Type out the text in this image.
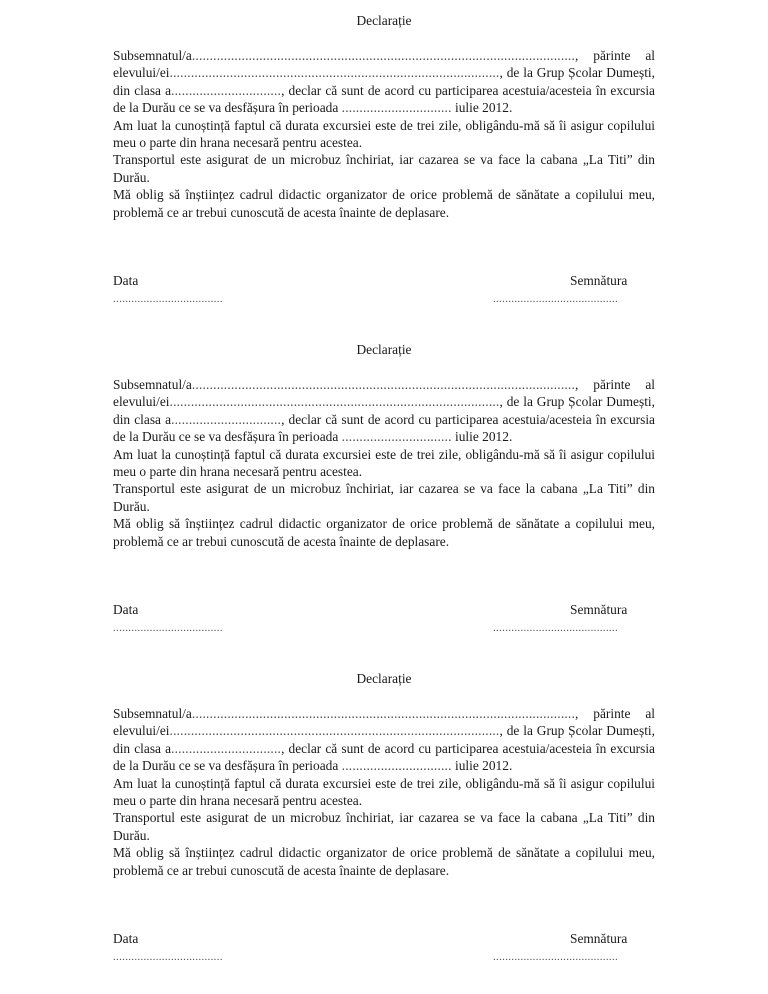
Declarație

Subsemnatul/a............................................................................................................, părinte al elevului/ei............................................................................................., de la Grup Școlar Dumești, din clasa a..............................., declar că sunt de acord cu participarea acestuia/acesteia în excursia de la Durău ce se va desfășura în perioada ............................... iulie 2012.

Am luat la cunoștință faptul că durata excursiei este de trei zile, obligându-mă să îi asigur copilului meu o parte din hrana necesară pentru acestea.

Transportul este asigurat de un microbuz închiriat, iar cazarea se va face la cabana „La Titi” din Durău.

Mă oblig să înștiințez cadrul didactic organizator de orice problemă de sănătate a copilului meu, problemă ce ar trebui cunoscută de acesta înainte de deplasare.

Data	Semnătura
....................................	.........................................
Declarație

Subsemnatul/a............................................................................................................, părinte al elevului/ei............................................................................................., de la Grup Școlar Dumești, din clasa a..............................., declar că sunt de acord cu participarea acestuia/acesteia în excursia de la Durău ce se va desfășura în perioada ............................... iulie 2012.

Am luat la cunoștință faptul că durata excursiei este de trei zile, obligându-mă să îi asigur copilului meu o parte din hrana necesară pentru acestea.

Transportul este asigurat de un microbuz închiriat, iar cazarea se va face la cabana „La Titi” din Durău.

Mă oblig să înștiințez cadrul didactic organizator de orice problemă de sănătate a copilului meu, problemă ce ar trebui cunoscută de acesta înainte de deplasare.

Data	Semnătura
....................................	.........................................
Declarație

Subsemnatul/a............................................................................................................, părinte al elevului/ei............................................................................................., de la Grup Școlar Dumești, din clasa a..............................., declar că sunt de acord cu participarea acestuia/acesteia în excursia de la Durău ce se va desfășura în perioada ............................... iulie 2012.

Am luat la cunoștință faptul că durata excursiei este de trei zile, obligându-mă să îi asigur copilului meu o parte din hrana necesară pentru acestea.

Transportul este asigurat de un microbuz închiriat, iar cazarea se va face la cabana „La Titi” din Durău.

Mă oblig să înștiințez cadrul didactic organizator de orice problemă de sănătate a copilului meu, problemă ce ar trebui cunoscută de acesta înainte de deplasare.

Data	Semnătura
....................................	.........................................
